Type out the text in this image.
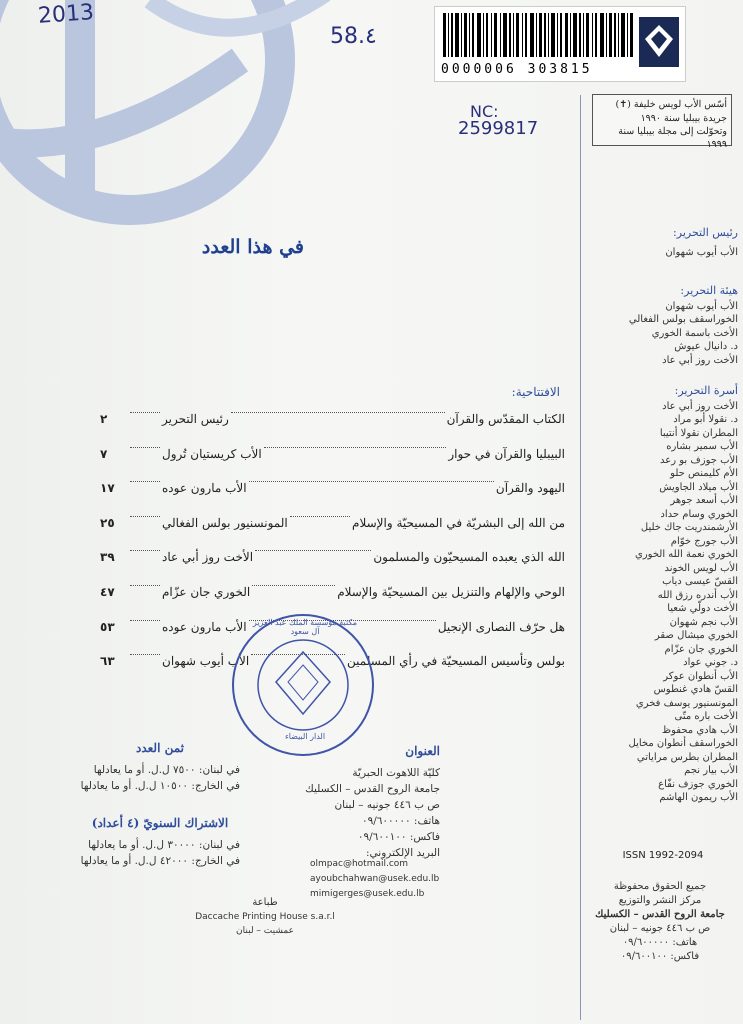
2013
58.٤
NC:
2599817
0000006 303815
أسّس الأب لويس خليفة (✝)
جريدة بيبليا سنة ١٩٩٠
وتحوّلت إلى مجلة بيبليا سنة ١٩٩٩
رئيس التحرير:
الأب أيوب شهوان
هيئة التحرير:
الأب أيوب شهوان
الخوراسقف بولس الفغالي
الأخت باسمة الخوري
د. دانيال عيوش
الأخت روز أبي عاد
أسرة التحرير:
الأخت روز أبي عاد
د. نقولا أبو مراد
المطران نقولا أنتيبا
الأب سمير بشاره
الأب جوزف بو رعد
الأم كليمنص حلو
الأب ميلاد الجاويش
الأب أسعد جوهر
الخوري وسام حداد
الأرشمندريت جاك خليل
الأب جورج خوّام
الخوري نعمة الله الخوري
الأب لويس الخوند
القسّ عيسى دياب
الأب أندره رزق الله
الأخت دولّي شعيا
الأب نجم شهوان
الخوري ميشال صقر
الخوري جان عزّام
د. جوني عواد
الأب أنطوان عوكر
القسّ هادي غنطوس
المونسنيور يوسف فخري
الأخت باره متّى
الأب هادي محفوظ
الخوراسقف أنطوان مخايل
المطران بطرس مراياتي
الأب بيار نجم
الخوري جوزف نفّاع
الأب ريمون الهاشم
ISSN 1992-2094
جميع الحقوق محفوظة
مركز النشر والتوزيع
جامعة الروح القدس – الكسليك
ص ب ٤٤٦ جونيه – لبنان
هاتف: ٠٩/٦٠٠٠٠٠
فاكس: ٠٩/٦٠٠١٠٠
في هذا العدد
الافتتاحية:
الكتاب المقدّس والقرآن
رئيس التحرير
٢
البيبليا والقرآن في حوار
الأب كريستيان تُرول
٧
اليهود والقرآن
الأب مارون عوده
١٧
من الله إلى البشريّة في المسيحيّة والإسلام
المونسنيور بولس الفغالي
٢٥
الله الذي يعبده المسيحيّون والمسلمون
الأخت روز أبي عاد
٣٩
الوحي والإلهام والتنزيل بين المسيحيّة والإسلام
الخوري جان عزّام
٤٧
هل حرّف النصارى الإنجيل
الأب مارون عوده
٥٣
بولس وتأسيس المسيحيّة في رأي المسلمين
الأب أيوب شهوان
٦٣
مكتبة مؤسسة الملك عبد العزيز آل سعود
الدار البيضاء
العنوان
كليّة اللاهوت الحبريّة
جامعة الروح القدس – الكسليك
ص ب ٤٤٦ جونيه – لبنان
هاتف: ٠٩/٦٠٠٠٠٠
فاكس: ٠٩/٦٠٠١٠٠
البريد الإلكتروني:
olmpac@hotmail.com
ayoubchahwan@usek.edu.lb
mimigerges@usek.edu.lb
ثمن العدد
في لبنان: ٧٥٠٠ ل.ل. أو ما يعادلها
في الخارج: ١٠٥٠٠ ل.ل. أو ما يعادلها
الاشتراك السنويّ (٤ أعداد)
في لبنان: ٣٠٠٠٠ ل.ل. أو ما يعادلها
في الخارج: ٤٢٠٠٠ ل.ل. أو ما يعادلها
طباعة
Daccache Printing House s.a.r.l
عمشيت – لبنان
